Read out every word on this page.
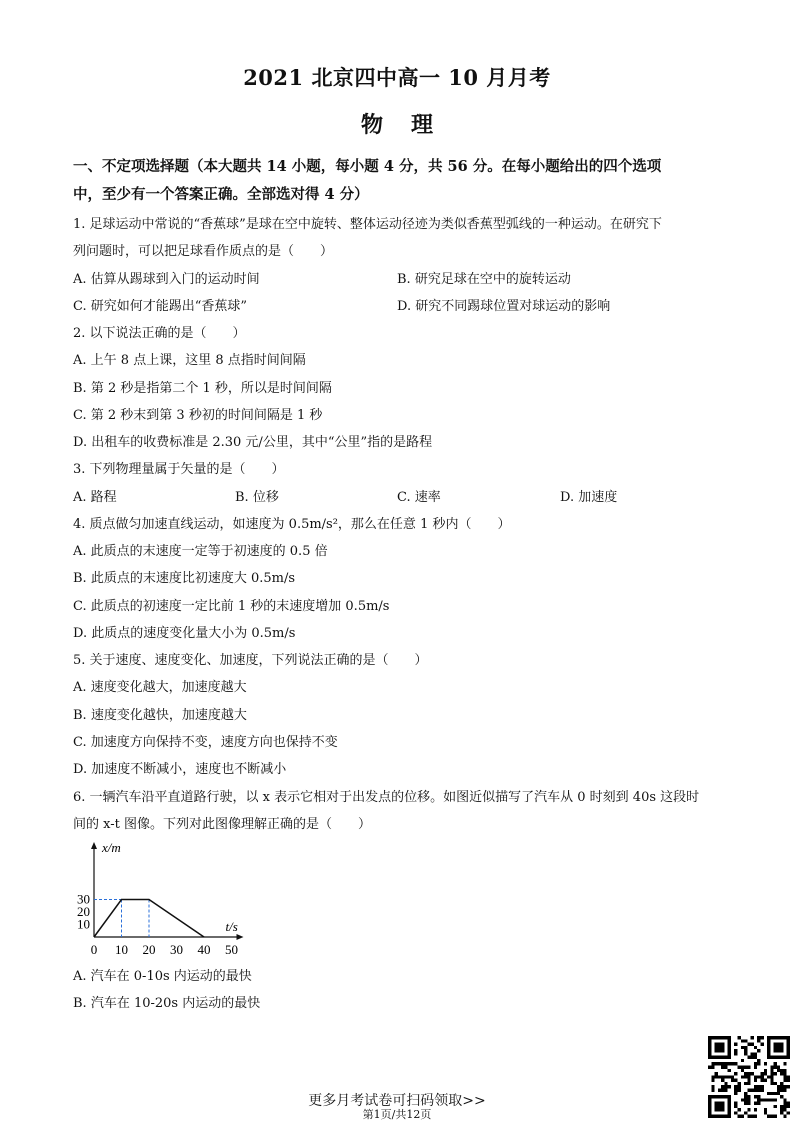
2021 北京四中高一 10 月月考
物理
一、不定项选择题（本大题共 14 小题，每小题 4 分，共 56 分。在每小题给出的四个选项
中，至少有一个答案正确。全部选对得 4 分）
1. 足球运动中常说的“香蕉球”是球在空中旋转、整体运动径迹为类似香蕉型弧线的一种运动。在研究下
列问题时，可以把足球看作质点的是（　　）
A. 估算从踢球到入门的运动时间	B. 研究足球在空中的旋转运动
C. 研究如何才能踢出“香蕉球”	D. 研究不同踢球位置对球运动的影响
2. 以下说法正确的是（　　）
A. 上午 8 点上课，这里 8 点指时间间隔
B. 第 2 秒是指第二个 1 秒，所以是时间间隔
C. 第 2 秒末到第 3 秒初的时间间隔是 1 秒
D. 出租车的收费标准是 2.30 元/公里，其中“公里”指的是路程
3. 下列物理量属于矢量的是（　　）
A. 路程	B. 位移	C. 速率	D. 加速度
4. 质点做匀加速直线运动，如速度为 0.5m/s²，那么在任意 1 秒内（　　）
A. 此质点的末速度一定等于初速度的 0.5 倍
B. 此质点的末速度比初速度大 0.5m/s
C. 此质点的初速度一定比前 1 秒的末速度增加 0.5m/s
D. 此质点的速度变化量大小为 0.5m/s
5. 关于速度、速度变化、加速度，下列说法正确的是（　　）
A. 速度变化越大，加速度越大
B. 速度变化越快，加速度越大
C. 加速度方向保持不变，速度方向也保持不变
D. 加速度不断减小，速度也不断减小
6. 一辆汽车沿平直道路行驶，以 x 表示它相对于出发点的位移。如图近似描写了汽车从 0 时刻到 40s 这段时
间的 x-t 图像。下列对此图像理解正确的是（　　）
x/m
t/s
0 10 20 30 40 50
10
20
30
A. 汽车在 0-10s 内运动的最快
B. 汽车在 10-20s 内运动的最快
更多月考试卷可扫码领取>>
第1页/共12页
